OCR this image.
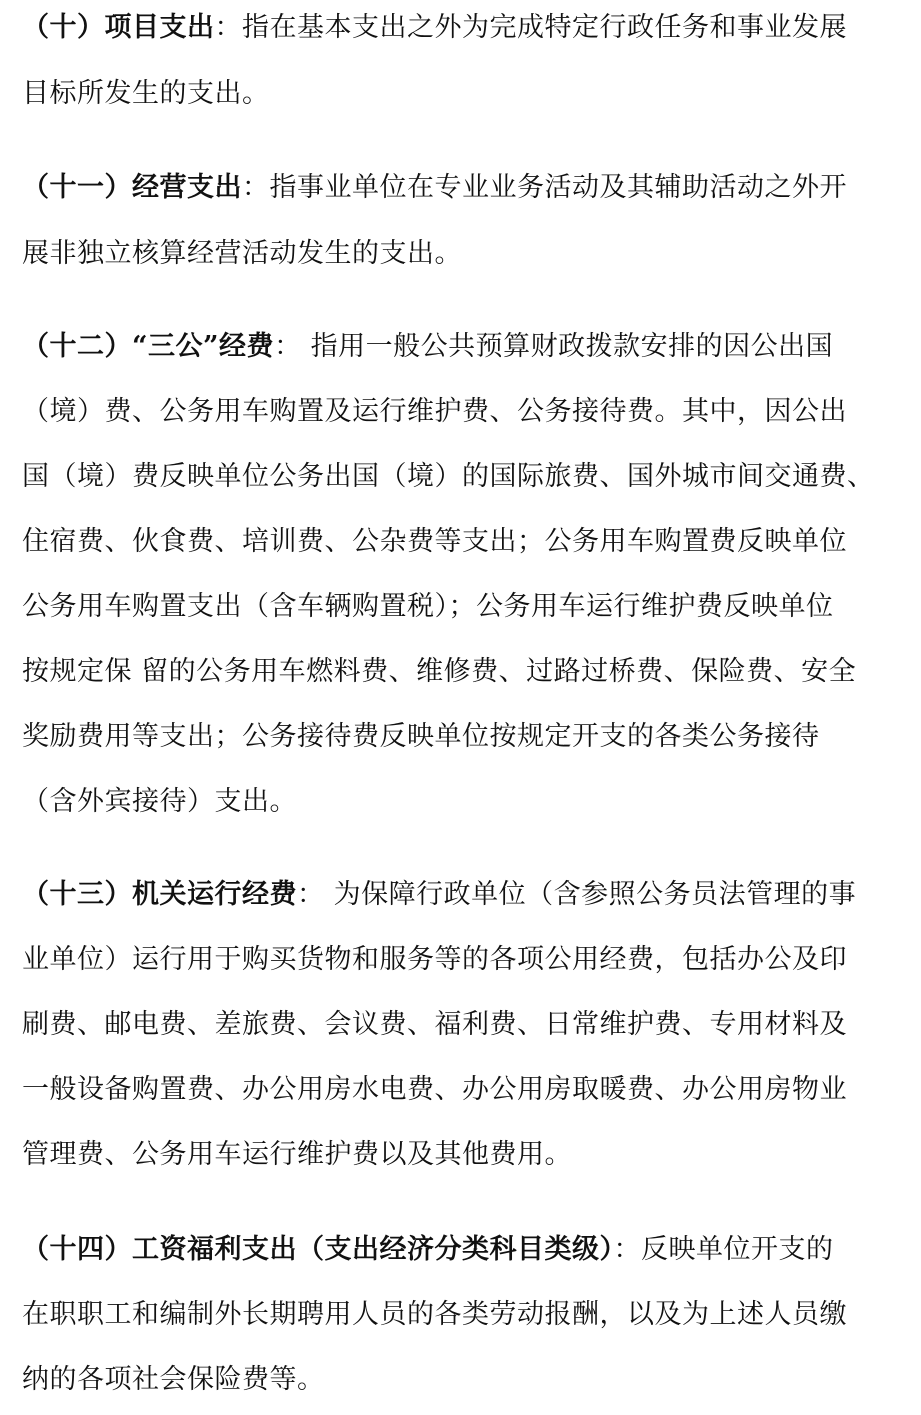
（十）项目支出：指在基本支出之外为完成特定行政任务和事业发展
目标所发生的支出。
（十一）经营支出：指事业单位在专业业务活动及其辅助活动之外开
展非独立核算经营活动发生的支出。
（十二）“三公”经费： 指用一般公共预算财政拨款安排的因公出国
（境）费、公务用车购置及运行维护费、公务接待费。其中，因公出
国（境）费反映单位公务出国（境）的国际旅费、国外城市间交通费、
住宿费、伙食费、培训费、公杂费等支出；公务用车购置费反映单位
公务用车购置支出（含车辆购置税）；公务用车运行维护费反映单位
按规定保 留的公务用车燃料费、维修费、过路过桥费、保险费、安全
奖励费用等支出；公务接待费反映单位按规定开支的各类公务接待
（含外宾接待）支出。
（十三）机关运行经费： 为保障行政单位（含参照公务员法管理的事
业单位）运行用于购买货物和服务等的各项公用经费，包括办公及印
刷费、邮电费、差旅费、会议费、福利费、日常维护费、专用材料及
一般设备购置费、办公用房水电费、办公用房取暖费、办公用房物业
管理费、公务用车运行维护费以及其他费用。
（十四）工资福利支出（支出经济分类科目类级）：反映单位开支的
在职职工和编制外长期聘用人员的各类劳动报酬，以及为上述人员缴
纳的各项社会保险费等。
